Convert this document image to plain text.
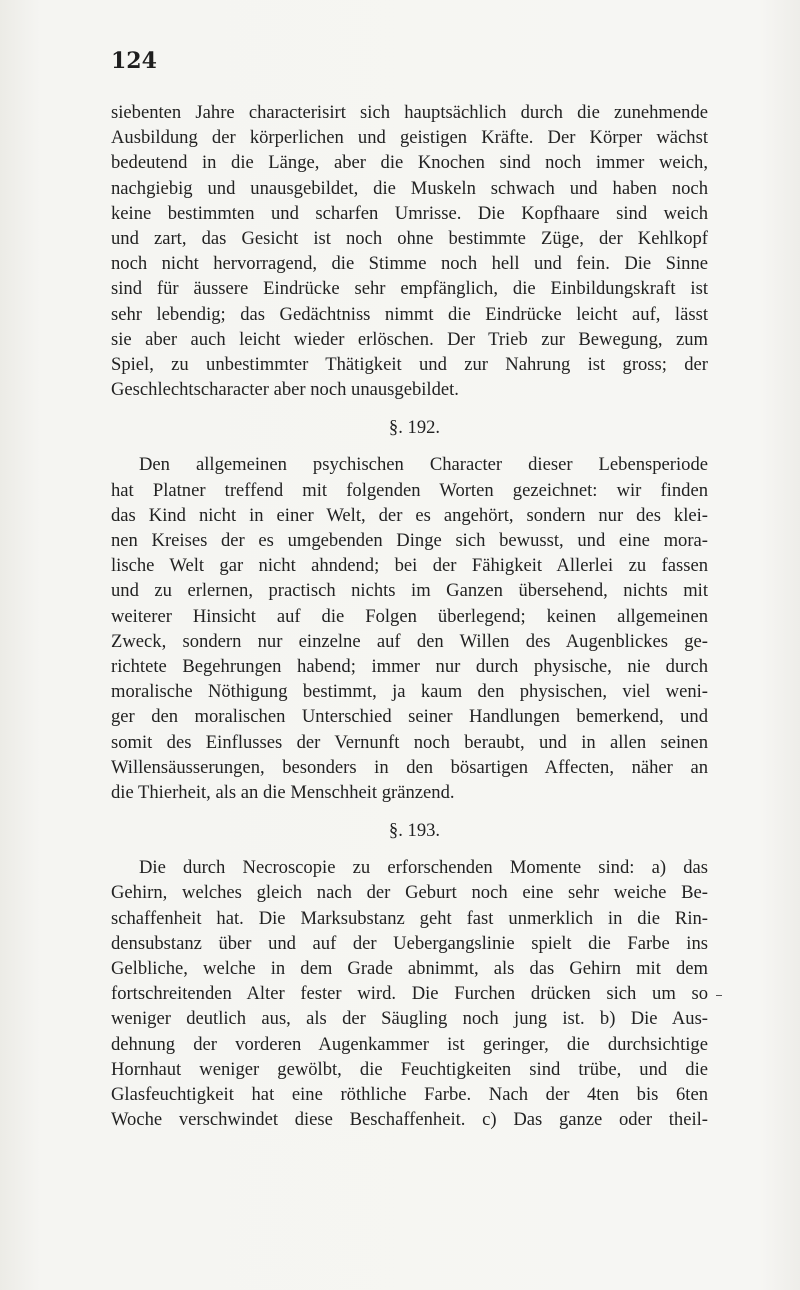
124
siebenten Jahre characterisirt sich hauptsächlich durch die zunehmende
Ausbildung der körperlichen und geistigen Kräfte. Der Körper wächst
bedeutend in die Länge, aber die Knochen sind noch immer weich,
nachgiebig und unausgebildet, die Muskeln schwach und haben noch
keine bestimmten und scharfen Umrisse. Die Kopfhaare sind weich
und zart, das Gesicht ist noch ohne bestimmte Züge, der Kehlkopf
noch nicht hervorragend, die Stimme noch hell und fein. Die Sinne
sind für äussere Eindrücke sehr empfänglich, die Einbildungskraft ist
sehr lebendig; das Gedächtniss nimmt die Eindrücke leicht auf, lässt
sie aber auch leicht wieder erlöschen. Der Trieb zur Bewegung, zum
Spiel, zu unbestimmter Thätigkeit und zur Nahrung ist gross; der
Geschlechtscharacter aber noch unausgebildet.
§. 192.
Den allgemeinen psychischen Character dieser Lebensperiode
hat Platner treffend mit folgenden Worten gezeichnet: wir finden
das Kind nicht in einer Welt, der es angehört, sondern nur des klei-
nen Kreises der es umgebenden Dinge sich bewusst, und eine mora-
lische Welt gar nicht ahndend; bei der Fähigkeit Allerlei zu fassen
und zu erlernen, practisch nichts im Ganzen übersehend, nichts mit
weiterer Hinsicht auf die Folgen überlegend; keinen allgemeinen
Zweck, sondern nur einzelne auf den Willen des Augenblickes ge-
richtete Begehrungen habend; immer nur durch physische, nie durch
moralische Nöthigung bestimmt, ja kaum den physischen, viel weni-
ger den moralischen Unterschied seiner Handlungen bemerkend, und
somit des Einflusses der Vernunft noch beraubt, und in allen seinen
Willensäusserungen, besonders in den bösartigen Affecten, näher an
die Thierheit, als an die Menschheit gränzend.
§. 193.
Die durch Necroscopie zu erforschenden Momente sind: a) das
Gehirn, welches gleich nach der Geburt noch eine sehr weiche Be-
schaffenheit hat. Die Marksubstanz geht fast unmerklich in die Rin-
densubstanz über und auf der Uebergangslinie spielt die Farbe ins
Gelbliche, welche in dem Grade abnimmt, als das Gehirn mit dem
fortschreitenden Alter fester wird. Die Furchen drücken sich um so
weniger deutlich aus, als der Säugling noch jung ist. b) Die Aus-
dehnung der vorderen Augenkammer ist geringer, die durchsichtige
Hornhaut weniger gewölbt, die Feuchtigkeiten sind trübe, und die
Glasfeuchtigkeit hat eine röthliche Farbe. Nach der 4ten bis 6ten
Woche verschwindet diese Beschaffenheit. c) Das ganze oder theil-
